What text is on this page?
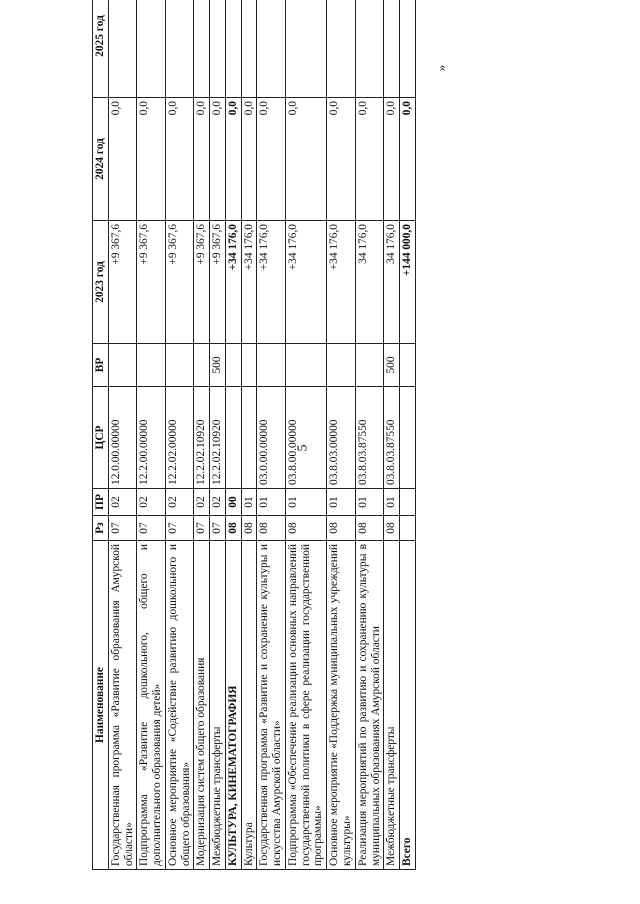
5
»
Наименование	Рз	ПР	ЦСР	ВР	2023 год	2024 год	2025 год
Государственная программа «Развитие образования Амурской области»	07	02	12.0.00.00000		+9 367,6	0,0	
Подпрограмма «Развитие дошкольного, общего и дополнительного образования детей»	07	02	12.2.00.00000		+9 367,6	0,0	
Основное мероприятие «Содействие развитию дошкольного и общего образования»	07	02	12.2.02.00000		+9 367,6	0,0	
Модернизация систем общего образования	07	02	12.2.02.10920		+9 367,6	0,0	
Межбюджетные трансферты	07	02	12.2.02.10920	500	+9 367,6	0,0	
КУЛЬТУРА, КИНЕМАТОГРАФИЯ	08	00			+34 176,0	0,0	
Культура	08	01			+34 176,0	0,0	
Государственная программа «Развитие и сохранение культуры и искусства Амурской области»	08	01	03.0.00.00000		+34 176,0	0,0	
Подпрограмма «Обеспечение реализации основных направлений государственной политики в сфере реализации государственной программы»	08	01	03.8.00.00000		+34 176,0	0,0	
Основное мероприятие «Поддержка муниципальных учреждений культуры»	08	01	03.8.03.00000		+34 176,0	0,0	
Реализация мероприятий по развитию и сохранению культуры в муниципальных образованиях Амурской области	08	01	03.8.03.87550		34 176,0	0,0	
Межбюджетные трансферты	08	01	03.8.03.87550	500	34 176,0	0,0	
Всего					+144 000,0	0,0	
